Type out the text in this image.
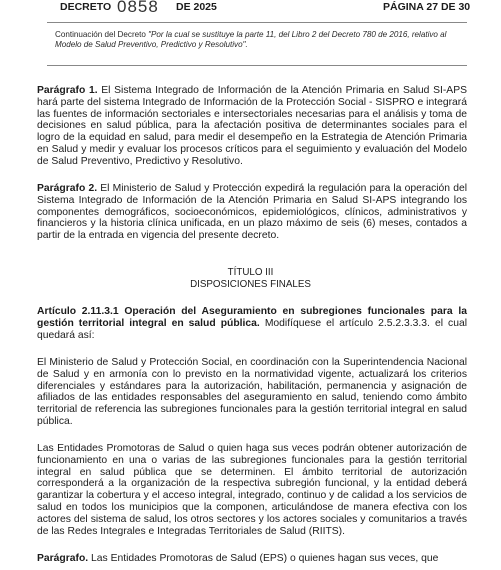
DECRETO 0858 DE 2025	PÁGINA 27 DE 30

Continuación del Decreto "Por la cual se sustituye la parte 11, del Libro 2 del Decreto 780 de 2016, relativo al Modelo de Salud Preventivo, Predictivo y Resolutivo".

Parágrafo 1. El Sistema Integrado de Información de la Atención Primaria en Salud SI-APS hará parte del sistema Integrado de Información de la Protección Social - SISPRO e integrará las fuentes de información sectoriales e intersectoriales necesarias para el análisis y toma de decisiones en salud pública, para la afectación positiva de determinantes sociales para el logro de la equidad en salud, para medir el desempeño en la Estrategia de Atención Primaria en Salud y medir y evaluar los procesos críticos para el seguimiento y evaluación del Modelo de Salud Preventivo, Predictivo y Resolutivo.

Parágrafo 2. El Ministerio de Salud y Protección expedirá la regulación para la operación del Sistema Integrado de Información de la Atención Primaria en Salud SI-APS integrando los componentes demográficos, socioeconómicos, epidemiológicos, clínicos, administrativos y financieros y la historia clínica unificada, en un plazo máximo de seis (6) meses, contados a partir de la entrada en vigencia del presente decreto.

TÍTULO III
DISPOSICIONES FINALES

Artículo 2.11.3.1 Operación del Aseguramiento en subregiones funcionales para la gestión territorial integral en salud pública. Modifíquese el artículo 2.5.2.3.3.3. el cual quedará así:

El Ministerio de Salud y Protección Social, en coordinación con la Superintendencia Nacional de Salud y en armonía con lo previsto en la normatividad vigente, actualizará los criterios diferenciales y estándares para la autorización, habilitación, permanencia y asignación de afiliados de las entidades responsables del aseguramiento en salud, teniendo como ámbito territorial de referencia las subregiones funcionales para la gestión territorial integral en salud pública.

Las Entidades Promotoras de Salud o quien haga sus veces podrán obtener autorización de funcionamiento en una o varias de las subregiones funcionales para la gestión territorial integral en salud pública que se determinen. El ámbito territorial de autorización corresponderá a la organización de la respectiva subregión funcional, y la entidad deberá garantizar la cobertura y el acceso integral, integrado, continuo y de calidad a los servicios de salud en todos los municipios que la componen, articulándose de manera efectiva con los actores del sistema de salud, los otros sectores y los actores sociales y comunitarios a través de las Redes Integrales e Integradas Territoriales de Salud (RIITS).

Parágrafo. Las Entidades Promotoras de Salud (EPS) o quienes hagan sus veces, que
